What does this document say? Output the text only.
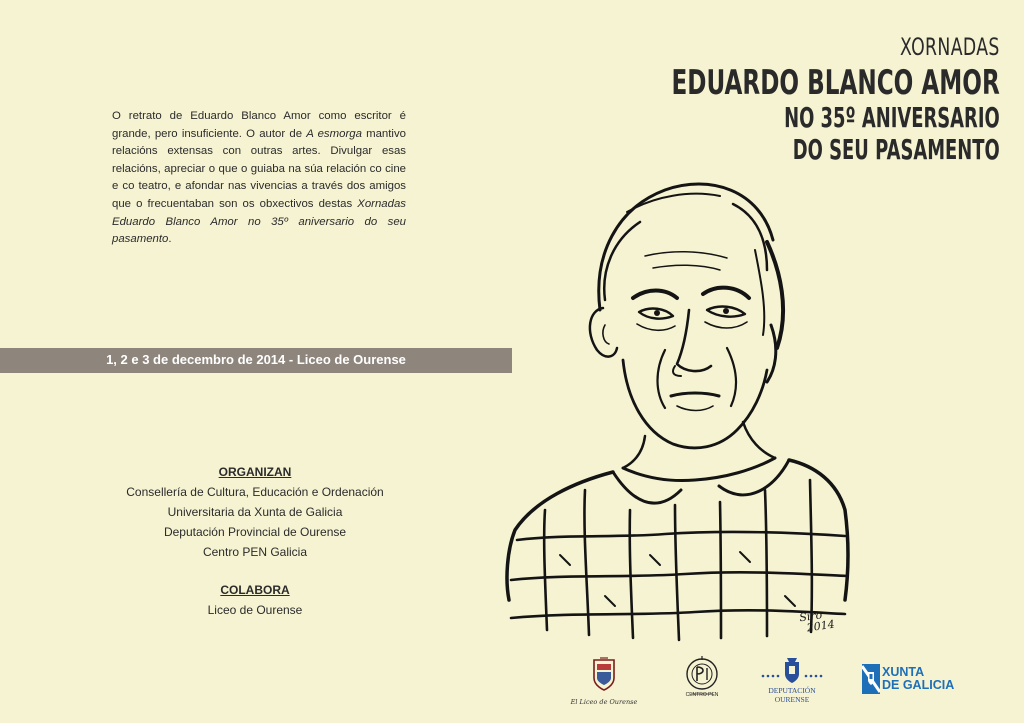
O retrato de Eduardo Blanco Amor como escritor é grande, pero insuficiente. O autor de A esmorga mantivo relacións extensas con outras artes. Divulgar esas relacións, apreciar o que o guiaba na súa relación co cine e co teatro, e afondar nas vivencias a través dos amigos que o frecuentaban son os obxectivos destas Xornadas Eduardo Blanco Amor no 35º aniversario do seu pasamento.

1, 2 e 3 de decembro de 2014 - Liceo de Ourense
ORGANIZAN
Consellería de Cultura, Educación e Ordenación
Universitaria da Xunta de Galicia
Deputación Provincial de Ourense
Centro PEN Galicia
COLABORA
Liceo de Ourense
XORNADAS
EDUARDO BLANCO AMOR
NO 35º ANIVERSARIO
DO SEU PASAMENTO
Siro
2014
El Liceo de Ourense
CENTRO PEN	DEPUTACIÓN
OURENSE
XUNTA
DE GALICIA
